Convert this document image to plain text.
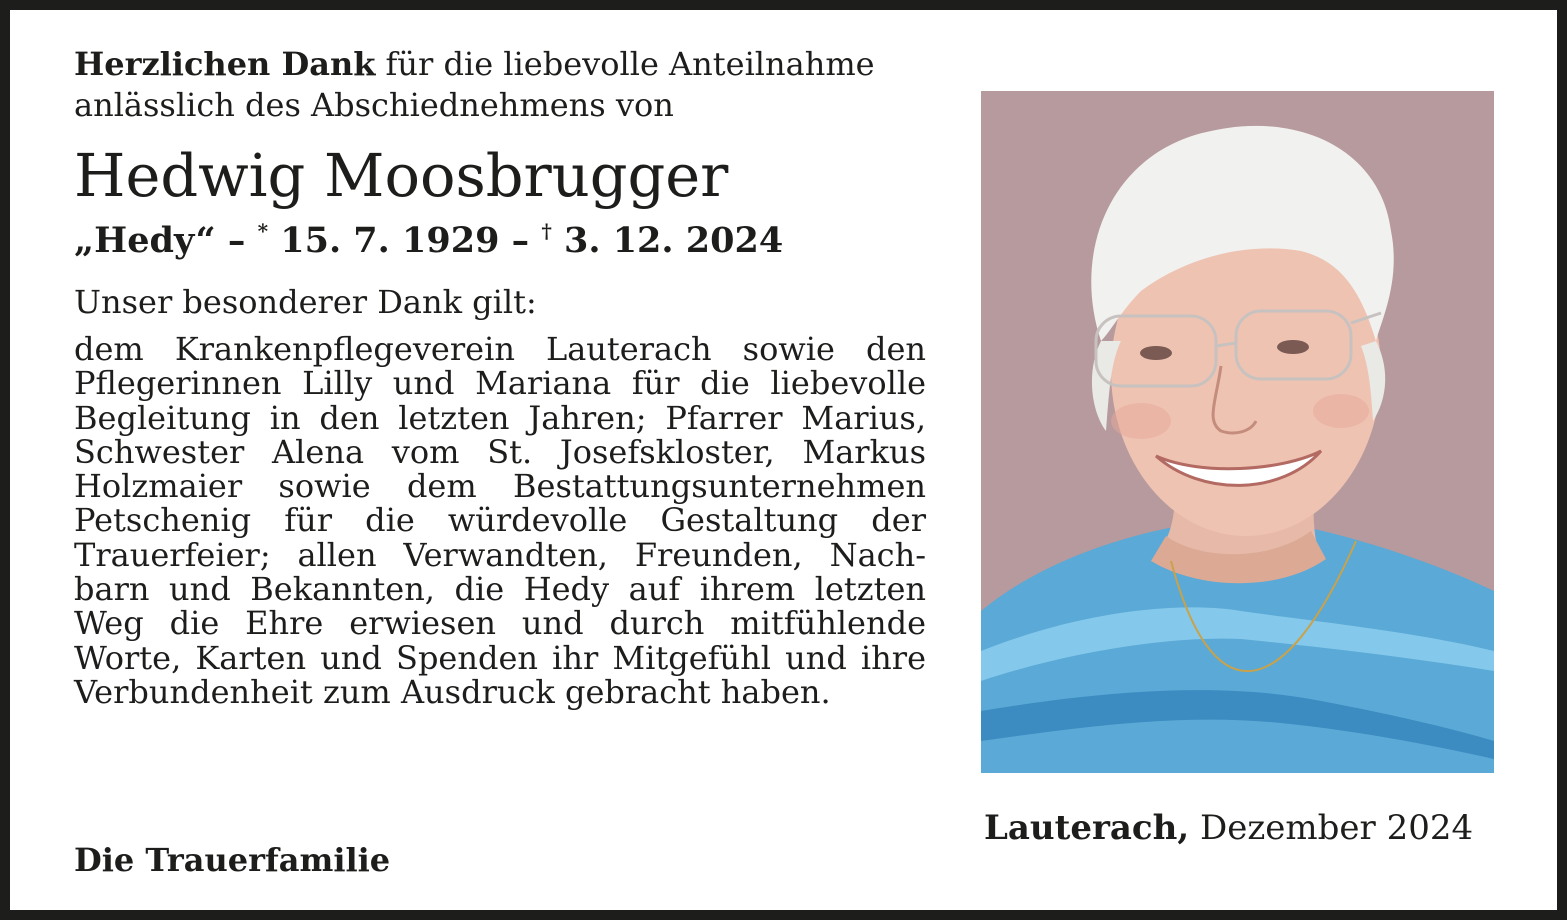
Herzlichen Dank für die liebevolle Anteilnahme

anlässlich des Abschiednehmens von

Hedwig Moosbrugger

„Hedy“ – * 15. 7. 1929 – † 3. 12. 2024

Unser besonderer Dank gilt:

dem Krankenpflegeverein Lauterach sowie den
Pflegerinnen Lilly und Mariana für die liebevolle
Begleitung in den letzten Jahren; Pfarrer Marius,
Schwester Alena vom St. Josefskloster, Markus
Holzmaier sowie dem Bestattungsunternehmen
Petschenig für die würdevolle Gestaltung der
Trauerfeier; allen Verwandten, Freunden, Nach-
barn und Bekannten, die Hedy auf ihrem letzten
Weg die Ehre erwiesen und durch mitfühlende
Worte, Karten und Spenden ihr Mitgefühl und ihre
Verbundenheit zum Ausdruck gebracht haben.

Die Trauerfamilie

Lauterach, Dezember 2024
